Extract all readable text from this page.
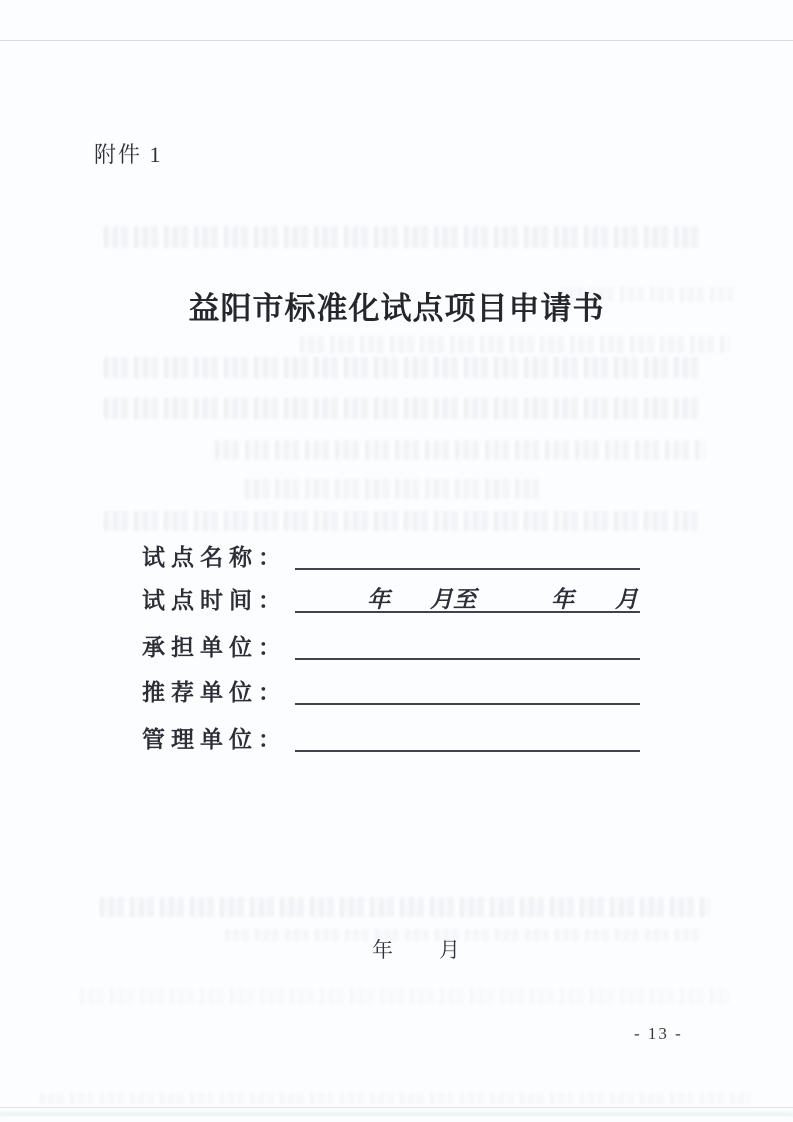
附件 1
益阳市标准化试点项目申请书
试点名称：
试点时间：	年 月至	年 月
承担单位：
推荐单位：
管理单位：
年 月
- 13 -
